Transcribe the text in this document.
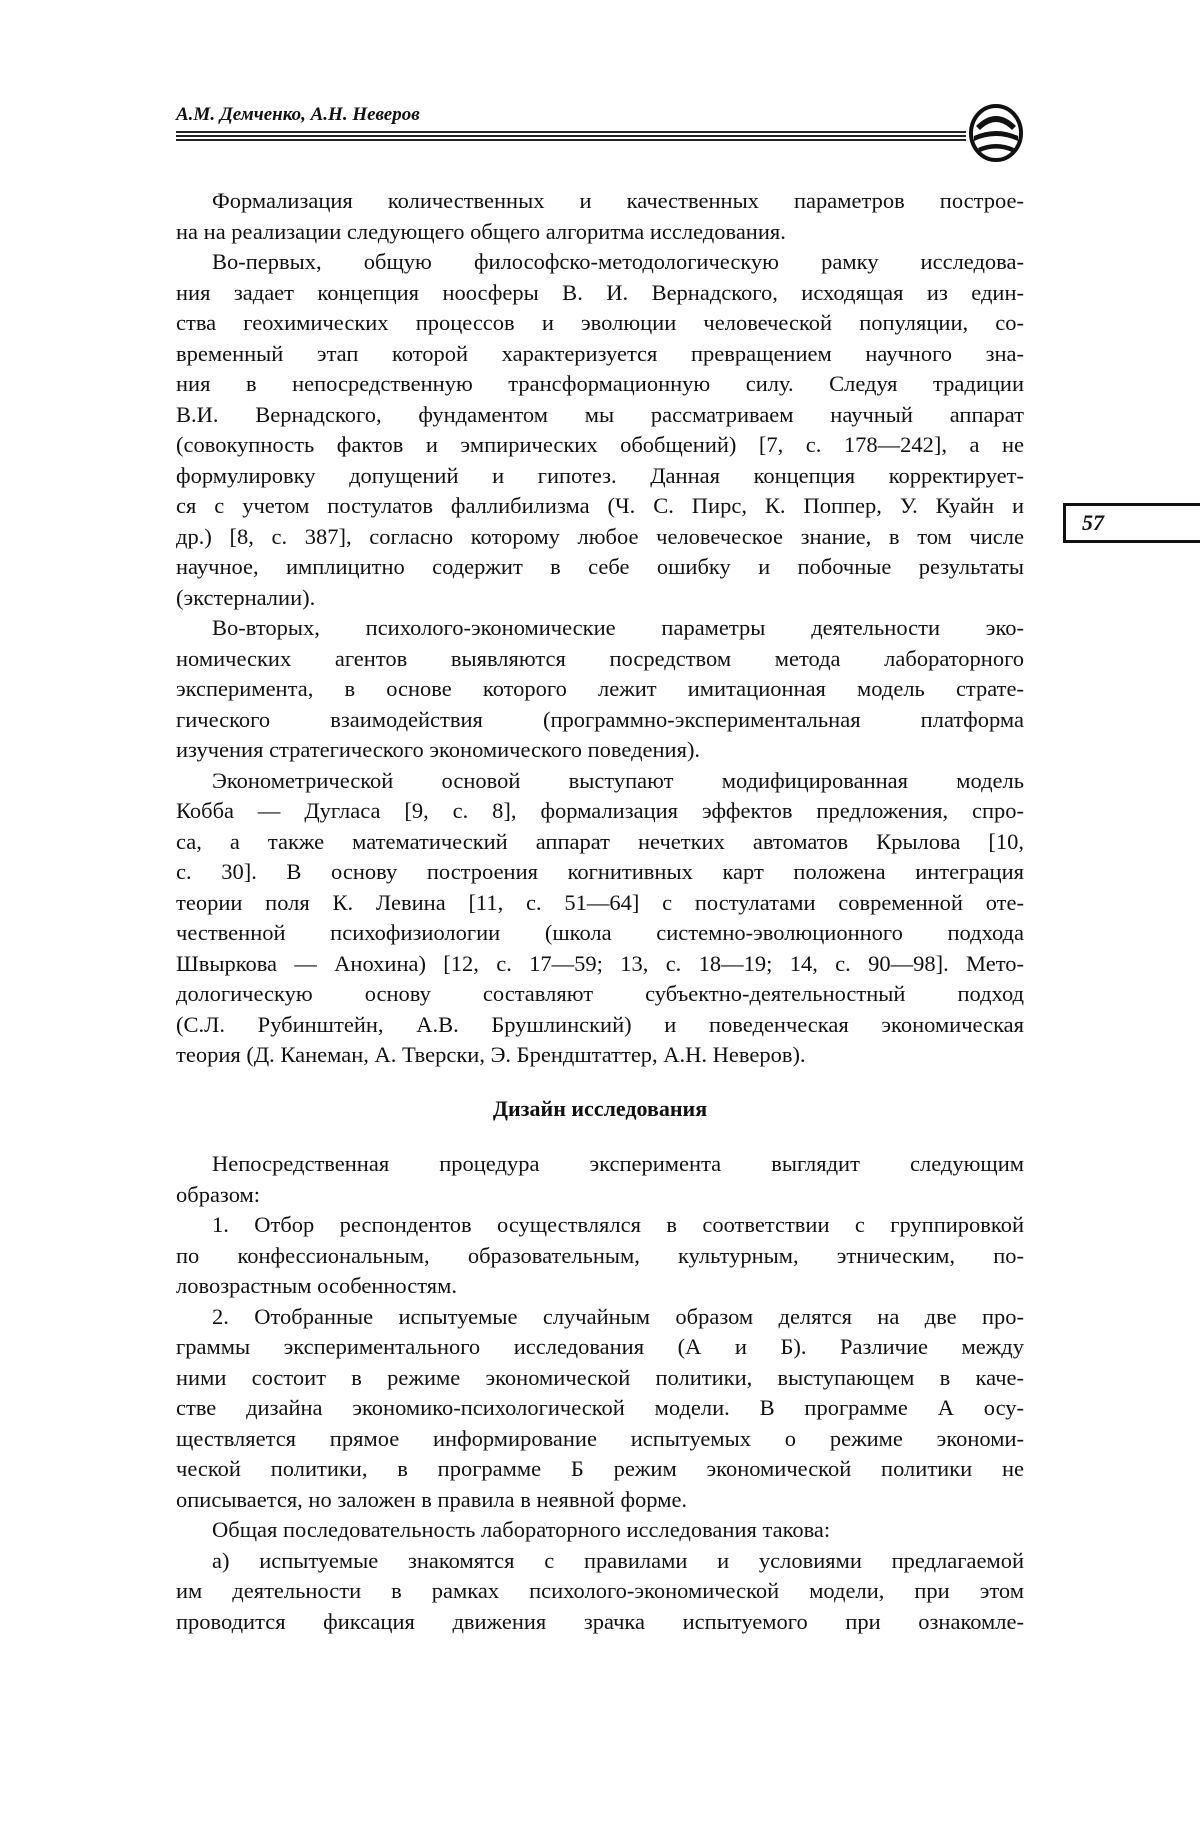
А.М. Демченко, А.Н. Неверов
57
Формализация количественных и качественных параметров построе-
на на реализации следующего общего алгоритма исследования.
Во-первых, общую философско-методологическую рамку исследова-
ния задает концепция ноосферы В. И. Вернадского, исходящая из един-
ства геохимических процессов и эволюции человеческой популяции, со-
временный этап которой характеризуется превращением научного зна-
ния в непосредственную трансформационную силу. Следуя традиции
В.И. Вернадского, фундаментом мы рассматриваем научный аппарат
(совокупность фактов и эмпирических обобщений) [7, с. 178—242], а не
формулировку допущений и гипотез. Данная концепция корректирует-
ся с учетом постулатов фаллибилизма (Ч. С. Пирс, К. Поппер, У. Куайн и
др.) [8, с. 387], согласно которому любое человеческое знание, в том числе
научное, имплицитно содержит в себе ошибку и побочные результаты
(экстерналии).
Во-вторых, психолого-экономические параметры деятельности эко-
номических агентов выявляются посредством метода лабораторного
эксперимента, в основе которого лежит имитационная модель страте-
гического взаимодействия (программно-экспериментальная платформа
изучения стратегического экономического поведения).
Эконометрической основой выступают модифицированная модель
Кобба — Дугласа [9, с. 8], формализация эффектов предложения, спро-
са, а также математический аппарат нечетких автоматов Крылова [10,
с. 30]. В основу построения когнитивных карт положена интеграция
теории поля К. Левина [11, с. 51—64] с постулатами современной оте-
чественной психофизиологии (школа системно-эволюционного подхода
Швыркова — Анохина) [12, с. 17—59; 13, с. 18—19; 14, с. 90—98]. Мето-
дологическую основу составляют субъектно-деятельностный подход
(С.Л. Рубинштейн, А.В. Брушлинский) и поведенческая экономическая
теория (Д. Канеман, А. Тверски, Э. Брендштаттер, А.Н. Неверов).
Дизайн исследования
Непосредственная процедура эксперимента выглядит следующим
образом:
1. Отбор респондентов осуществлялся в соответствии с группировкой
по конфессиональным, образовательным, культурным, этническим, по-
ловозрастным особенностям.
2. Отобранные испытуемые случайным образом делятся на две про-
граммы экспериментального исследования (А и Б). Различие между
ними состоит в режиме экономической политики, выступающем в каче-
стве дизайна экономико-психологической модели. В программе А осу-
ществляется прямое информирование испытуемых о режиме экономи-
ческой политики, в программе Б режим экономической политики не
описывается, но заложен в правила в неявной форме.
Общая последовательность лабораторного исследования такова:
а) испытуемые знакомятся с правилами и условиями предлагаемой
им деятельности в рамках психолого-экономической модели, при этом
проводится фиксация движения зрачка испытуемого при ознакомле-
